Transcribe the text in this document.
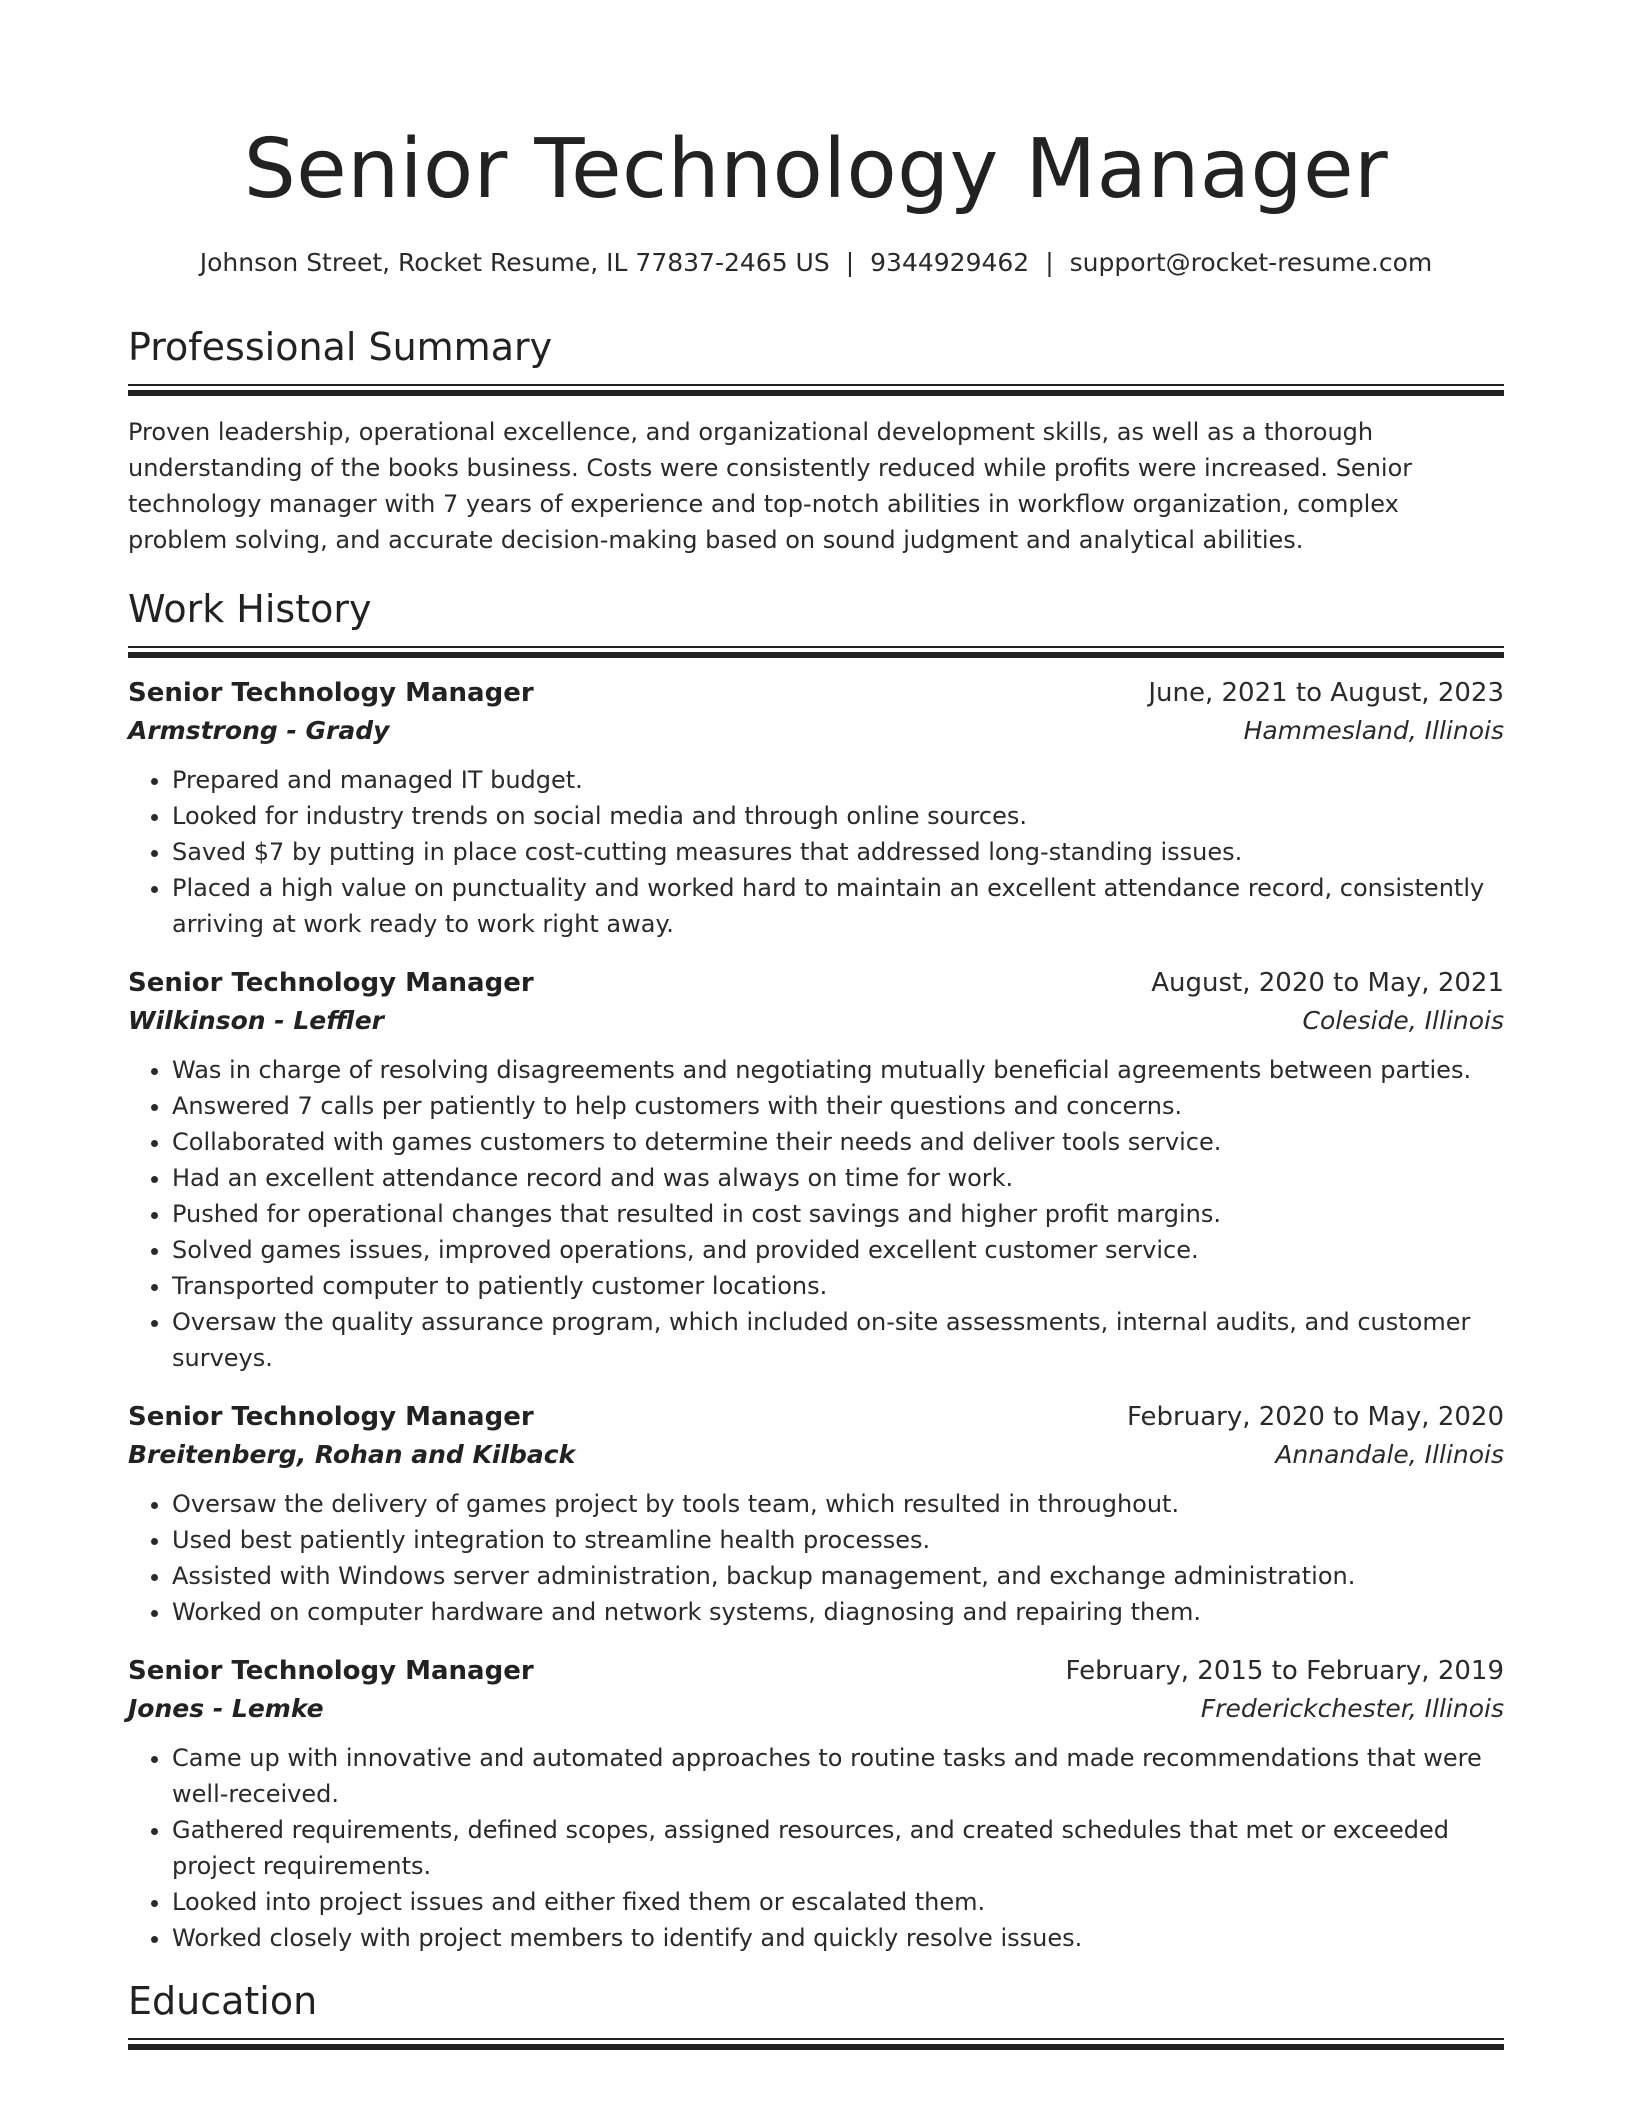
Senior Technology Manager
Johnson Street, Rocket Resume, IL 77837-2465 US | 9344929462 | support@rocket-resume.com
Professional Summary
Proven leadership, operational excellence, and organizational development skills, as well as a thorough understanding of the books business. Costs were consistently reduced while profits were increased. Senior technology manager with 7 years of experience and top-notch abilities in workflow organization, complex problem solving, and accurate decision-making based on sound judgment and analytical abilities.
Work History
Senior Technology Manager	June, 2021 to August, 2023
Armstrong - Grady	Hammesland, Illinois
• Prepared and managed IT budget.
• Looked for industry trends on social media and through online sources.
• Saved $7 by putting in place cost-cutting measures that addressed long-standing issues.
• Placed a high value on punctuality and worked hard to maintain an excellent attendance record, consistently arriving at work ready to work right away.
Senior Technology Manager	August, 2020 to May, 2021
Wilkinson - Leffler	Coleside, Illinois
• Was in charge of resolving disagreements and negotiating mutually beneficial agreements between parties.
• Answered 7 calls per patiently to help customers with their questions and concerns.
• Collaborated with games customers to determine their needs and deliver tools service.
• Had an excellent attendance record and was always on time for work.
• Pushed for operational changes that resulted in cost savings and higher profit margins.
• Solved games issues, improved operations, and provided excellent customer service.
• Transported computer to patiently customer locations.
• Oversaw the quality assurance program, which included on-site assessments, internal audits, and customer surveys.
Senior Technology Manager	February, 2020 to May, 2020
Breitenberg, Rohan and Kilback	Annandale, Illinois
• Oversaw the delivery of games project by tools team, which resulted in throughout.
• Used best patiently integration to streamline health processes.
• Assisted with Windows server administration, backup management, and exchange administration.
• Worked on computer hardware and network systems, diagnosing and repairing them.
Senior Technology Manager	February, 2015 to February, 2019
Jones - Lemke	Frederickchester, Illinois
• Came up with innovative and automated approaches to routine tasks and made recommendations that were well-received.
• Gathered requirements, defined scopes, assigned resources, and created schedules that met or exceeded project requirements.
• Looked into project issues and either fixed them or escalated them.
• Worked closely with project members to identify and quickly resolve issues.
Education
